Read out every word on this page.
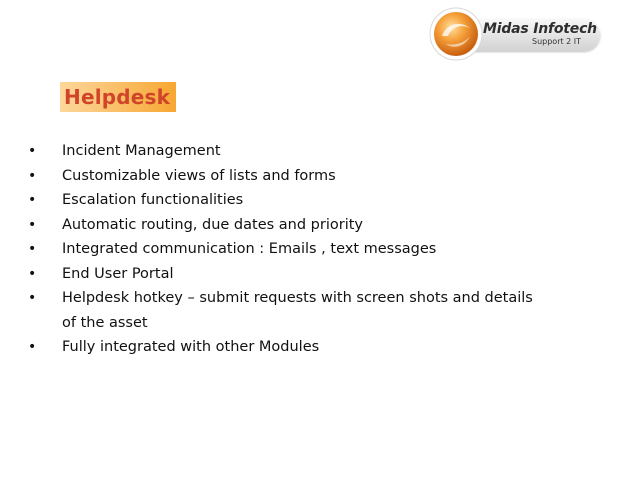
Midas Infotech
Support 2 IT
Helpdesk
• Incident Management
• Customizable views of lists and forms
• Escalation functionalities
• Automatic routing, due dates and priority
• Integrated communication : Emails , text messages
• End User Portal
• Helpdesk hotkey – submit requests with screen shots and details
of the asset
• Fully integrated with other Modules
